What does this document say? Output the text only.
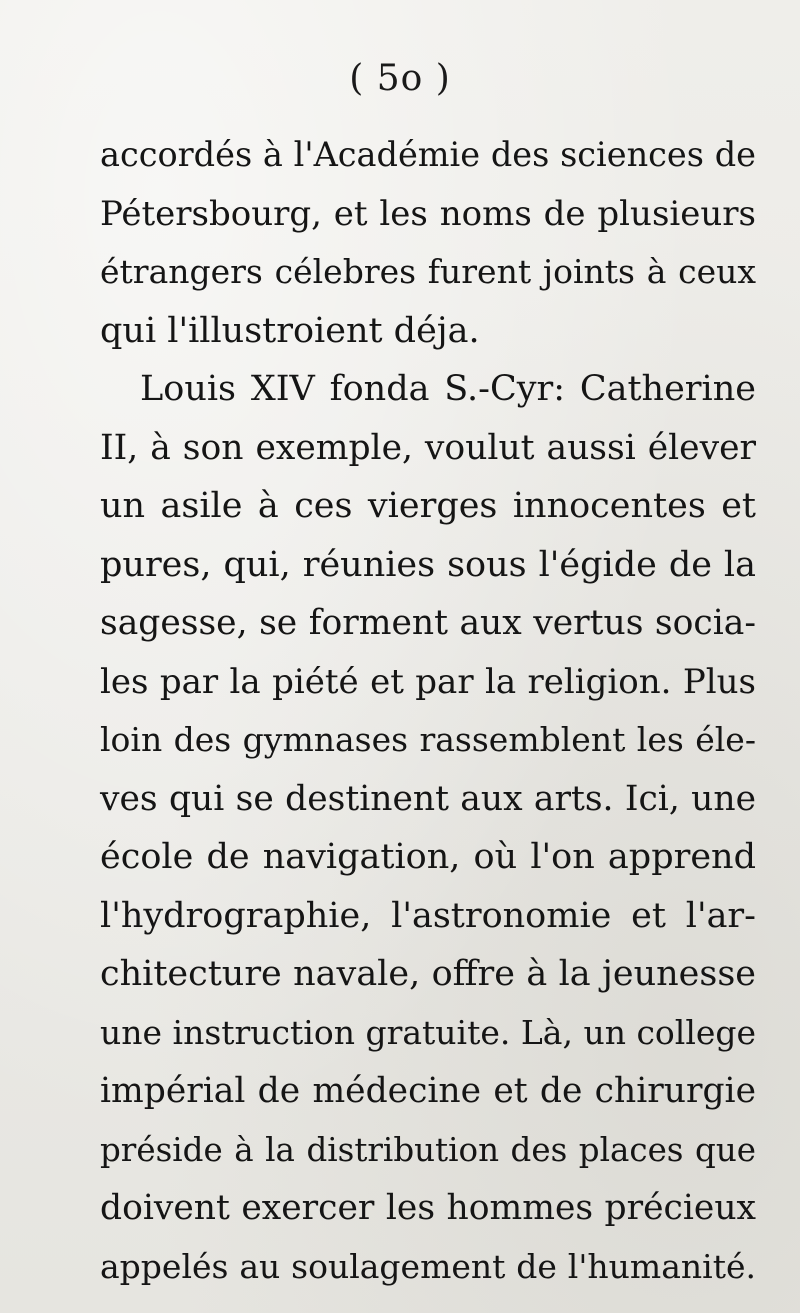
( 5o )
accordés à l'Académie des sciences de
Pétersbourg, et les noms de plusieurs
étrangers célebres furent joints à ceux
qui l'illustroient déja.
Louis XIV fonda S.-Cyr: Catherine
II, à son exemple, voulut aussi élever
un asile à ces vierges innocentes et
pures, qui, réunies sous l'égide de la
sagesse, se forment aux vertus socia-
les par la piété et par la religion. Plus
loin des gymnases rassemblent les éle-
ves qui se destinent aux arts. Ici, une
école de navigation, où l'on apprend
l'hydrographie, l'astronomie et l'ar-
chitecture navale, offre à la jeunesse
une instruction gratuite. Là, un college
impérial de médecine et de chirurgie
préside à la distribution des places que
doivent exercer les hommes précieux
appelés au soulagement de l'humanité.
